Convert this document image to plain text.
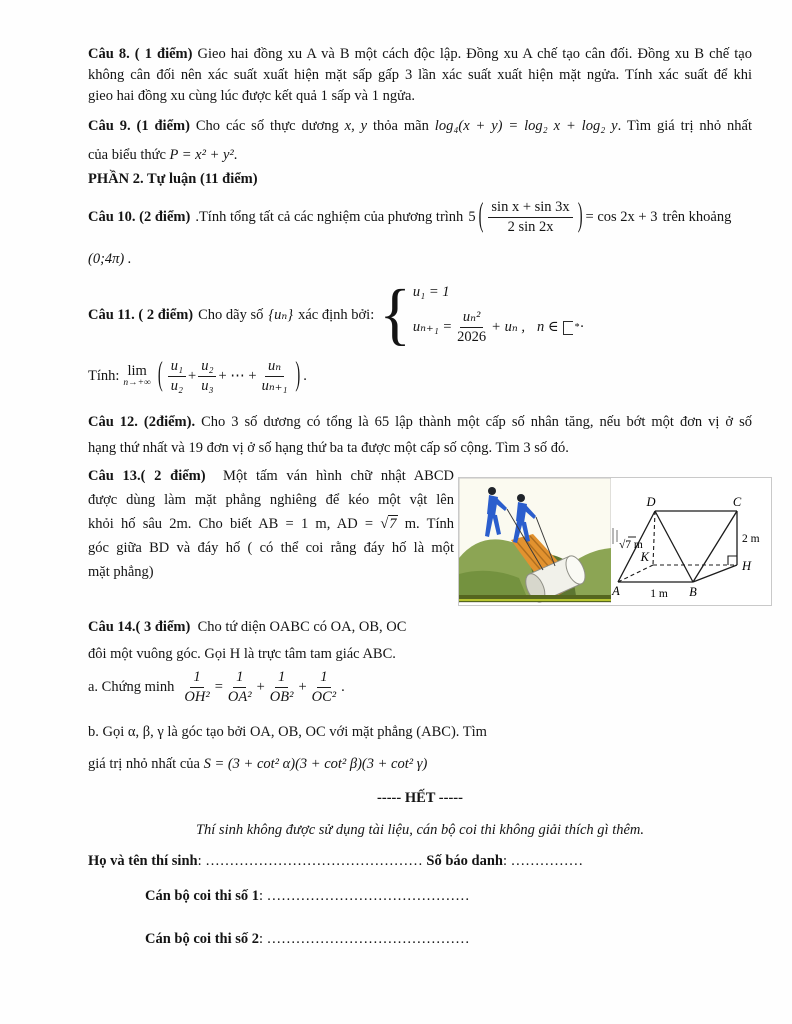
Câu 8. ( 1 điểm) Gieo hai đồng xu A và B một cách độc lập. Đồng xu A chế tạo cân đối. Đồng xu B chế tạo
không cân đối nên xác suất xuất hiện mặt sấp gấp 3 lần xác suất xuất hiện mặt ngửa. Tính xác suất để khi
gieo hai đồng xu cùng lúc được kết quả 1 sấp và 1 ngửa.
Câu 9. (1 điểm) Cho các số thực dương x, y thỏa mãn log₄(x + y) = log₂ x + log₂ y. Tìm giá trị nhỏ nhất
của biểu thức P = x² + y².
PHẦN 2. Tự luận (11 điểm)
Câu 10. (2 điểm) .Tính tổng tất cả các nghiệm của phương trình 5 ( $\frac{\text{sin x + sin 3x}}{2 \sin 2x}$ ) = cos 2x + 3 trên khoảng
(0;4π) .
Câu 11. ( 2 điểm) Cho dãy số {uₙ} xác định bởi: { u₁ = 1
$u_{n+1} = \frac{\text{uₙ²}}{2026} + u_n$ , n ∈ * ·
Tính: lim
n→+∞ ( $\frac{\text{u₁}}{\text{u₂}} + \frac{\text{u₂}}{\text{u₃}}$ + ⋯ + $\frac{\text{uₙ}}{\text{uₙ₊₁}}$ ) .
Câu 12. (2điểm). Cho 3 số dương có tổng là 65 lập thành một cấp số nhân tăng, nếu bớt một đơn vị ở số
hạng thứ nhất và 19 đơn vị ở số hạng thứ ba ta được một cấp số cộng. Tìm 3 số đó.
Câu 13.( 2 điểm) Một tấm ván hình chữ nhật ABCD
được dùng làm mặt phẳng nghiêng để kéo một vật lên
khỏi hố sâu 2m. Cho biết AB = 1 m, AD = √7 m. Tính
góc giữa BD và đáy hố ( có thể coi rằng đáy hố là một
mặt phẳng)
D	C
A	B
K
H
√7 m	2 m
1 m
Câu 14.( 3 điểm) Cho tứ diện OABC có OA, OB, OC
đôi một vuông góc. Gọi H là trực tâm tam giác ABC.
a. Chứng minh $\frac{1}{\text{OH²}} = \frac{1}{\text{OA²}} + \frac{1}{\text{OB²}} + \frac{1}{\text{OC²}}$ .
b. Gọi α, β, γ là góc tạo bởi OA, OB, OC với mặt phẳng (ABC). Tìm
giá trị nhỏ nhất của S = (3 + cot² α)(3 + cot² β)(3 + cot² γ)
----- HẾT -----
Thí sinh không được sử dụng tài liệu, cán bộ coi thi không giải thích gì thêm.
Họ và tên thí sinh: ……………………………………… Số báo danh: ……………
Cán bộ coi thi số 1: ……………………………………
Cán bộ coi thi số 2: ……………………………………
